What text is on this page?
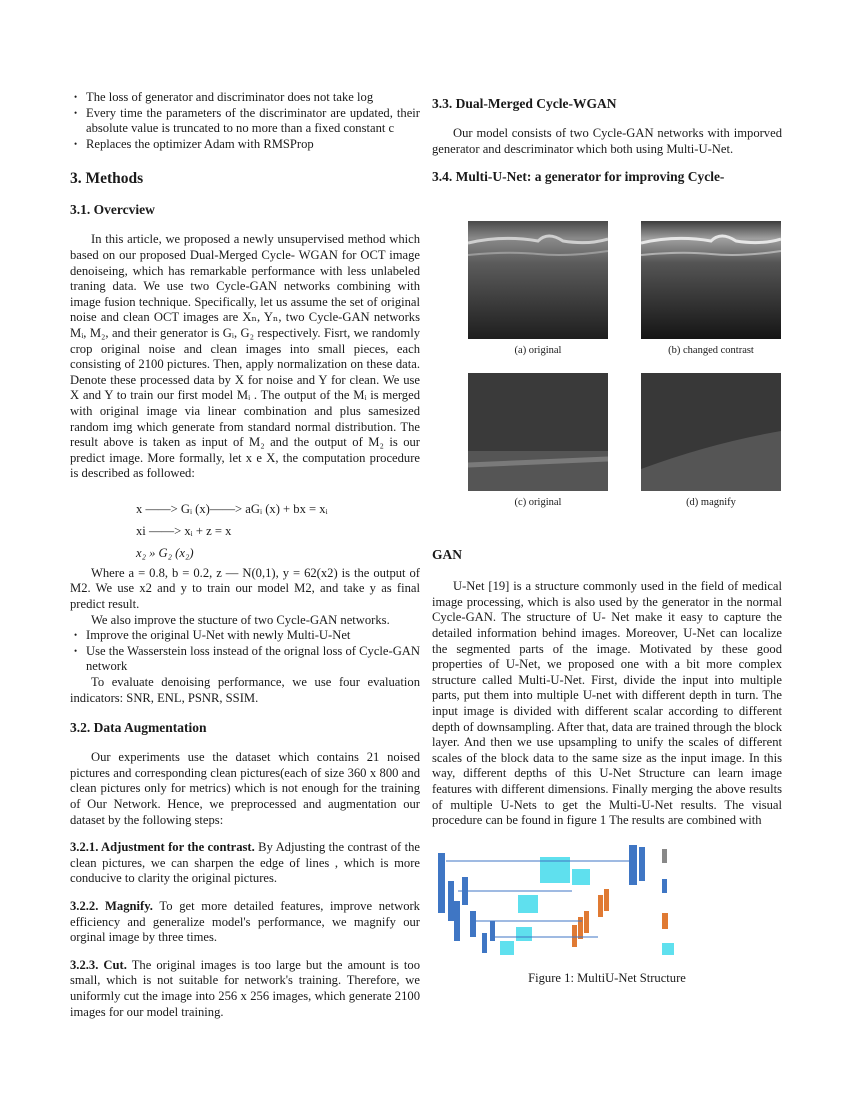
• The loss of generator and discriminator does not take log
• Every time the parameters of the discriminator are updated, their absolute value is truncated to no more than a fixed constant c
• Replaces the optimizer Adam with RMSProp
3. Methods
3.1. Overcview

In this article, we proposed a newly unsupervised method which based on our proposed Dual-Merged Cycle- WGAN for OCT image denoiseing, which has remarkable performance with less unlabeled traning data. We use two Cycle-GAN networks combining with image fusion technique. Specifically, let us assume the set of original noise and clean OCT images are Xₙ, Yₙ, two Cycle-GAN networks Mᵢ, M₂, and their generator is Gᵢ, G₂ respectively. Fisrt, we randomly crop original noise and clean images into small pieces, each consisting of 2100 pictures. Then, apply normalization on these data. Denote these processed data by X for noise and Y for clean. We use X and Y to train our first model Mᵢ . The output of the Mᵢ is merged with original image via linear combination and plus samesized random img which generate from standard normal distribution. The result above is taken as input of M₂ and the output of M₂ is our predict image. More formally, let x e X, the computation procedure is described as followed:

x ——> Gᵢ (x)——> aGᵢ (x) + bx = xᵢ
xi ——> xᵢ + z = x
x₂ » G₂ (x₂)

Where a = 0.8, b = 0.2, z — N(0,1), y = 62(x2) is the output of M2. We use x2 and y to train our model M2, and take y as final predict result.

We also improve the stucture of two Cycle-GAN networks.

• Improve the original U-Net with newly Multi-U-Net
• Use the Wasserstein loss instead of the orignal loss of Cycle-GAN network

To evaluate denoising performance, we use four evaluation indicators: SNR, ENL, PSNR, SSIM.

3.2. Data Augmentation

Our experiments use the dataset which contains 21 noised pictures and corresponding clean pictures(each of size 360 x 800 and clean pictures only for metrics) which is not enough for the training of Our Network. Hence, we preprocessed and augmentation our dataset by the following steps:

3.2.1. Adjustment for the contrast. By Adjusting the contrast of the clean pictures, we can sharpen the edge of lines , which is more conducive to clarity the original pictures.

3.2.2. Magnify. To get more detailed features, improve network efficiency and generalize model's performance, we magnify our orginal image by three times.

3.2.3. Cut. The original images is too large but the amount is too small, which is not suitable for network's training. Therefore, we uniformly cut the image into 256 x 256 images, which generate 2100 images for our model training.

3.3. Dual-Merged Cycle-WGAN

Our model consists of two Cycle-GAN networks with imporved generator and descriminator which both using Multi-U-Net.

3.4. Multi-U-Net: a generator for improving Cycle-
(a) original	(b) changed contrast
(c) original	(d) magnify
GAN

U-Net [19] is a structure commonly used in the field of medical image processing, which is also used by the generator in the normal Cycle-GAN. The structure of U- Net make it easy to capture the detailed information behind images. Moreover, U-Net can localize the segmented parts of the image. Motivated by these good properties of U-Net, we proposed one with a bit more complex structure called Multi-U-Net. First, divide the input into multiple parts, put them into multiple U-net with different depth in turn. The input image is divided with different scalar according to different depth of downsampling. After that, data are trained through the block layer. And then we use upsampling to unify the scales of different scales of the block data to the same size as the input image. In this way, different depths of this U-Net Structure can learn image features with different dimensions. Finally merging the above results of multiple U-Nets to get the Multi-U-Net results. The visual procedure can be found in figure 1 The results are combined with

Figure 1: MultiU-Net Structure
